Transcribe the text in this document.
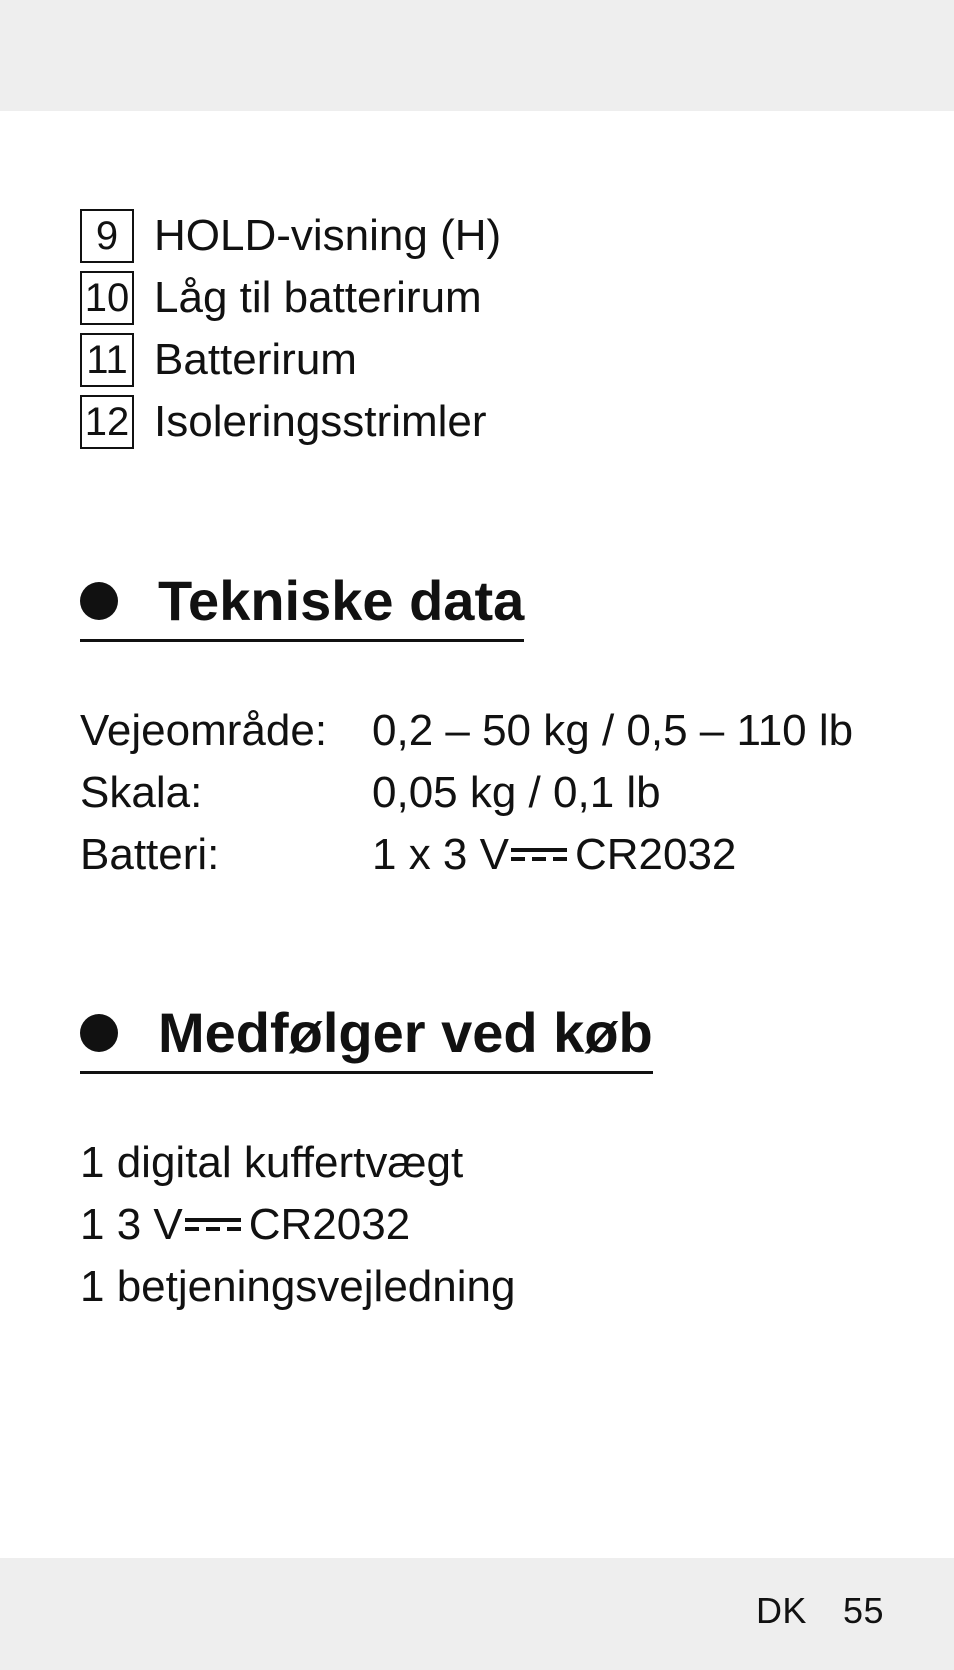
9 HOLD-visning (H)
10 Låg til batterirum
11 Batterirum
12 Isoleringsstrimler
Tekniske data
Vejeområde:	0,2 – 50 kg / 0,5 – 110 lb
Skala:	0,05 kg / 0,1 lb
Batteri:	1 x 3 V CR2032
Medfølger ved køb
1 digital kuffertvægt
1 3 V CR2032
1 betjeningsvejledning
DK 55
